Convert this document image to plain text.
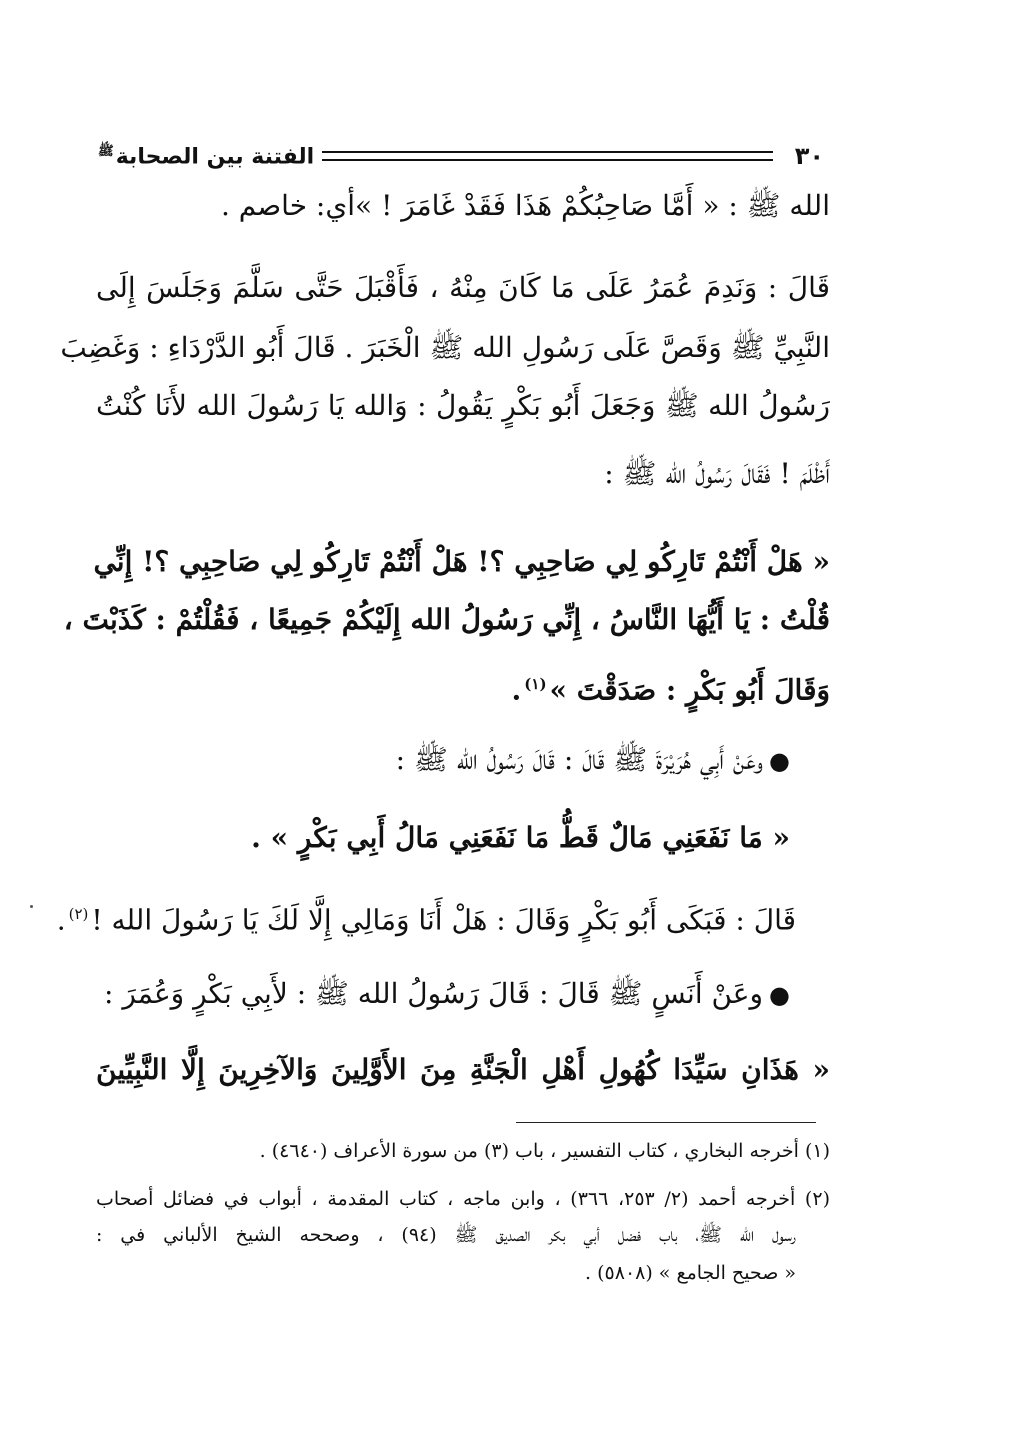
٣٠
الفتنة بين الصحابة$^ﷺ$
الله ﷺ : « أَمَّا صَاحِبُكُمْ هَذَا فَقَدْ غَامَرَ ! »أي: خاصم .
قَالَ : وَنَدِمَ عُمَرُ عَلَى مَا كَانَ مِنْهُ ، فَأَقْبَلَ حَتَّى سَلَّمَ وَجَلَسَ إِلَى
النَّبِيِّ ﷺ وَقَصَّ عَلَى رَسُولِ الله ﷺ الْخَبَرَ . قَالَ أَبُو الدَّرْدَاءِ : وَغَضِبَ
رَسُولُ الله ﷺ وَجَعَلَ أَبُو بَكْرٍ يَقُولُ : وَالله يَا رَسُولَ الله لأَنَا كُنْتُ
أَظْلَمَ ! فَقَالَ رَسُولُ الله ﷺ :
« هَلْ أَنْتُمْ تَارِكُو لِي صَاحِبِي ؟! هَلْ أَنْتُمْ تَارِكُو لِي صَاحِبِي ؟! إِنِّي
قُلْتُ : يَا أَيُّهَا النَّاسُ ، إِنِّي رَسُولُ الله إِلَيْكُمْ جَمِيعًا ، فَقُلْتُمْ : كَذَبْتَ ،
وَقَالَ أَبُو بَكْرٍ : صَدَقْتَ »$^{(١)}$.
●وعَنْ أَبِي هُرَيْرَةَ ﷺ قَالَ : قَالَ رَسُولُ الله ﷺ :
« مَا نَفَعَنِي مَالٌ قَطُّ مَا نَفَعَنِي مَالُ أَبِي بَكْرٍ » .
قَالَ : فَبَكَى أَبُو بَكْرٍ وَقَالَ : هَلْ أَنَا وَمَالِي إِلَّا لَكَ يَا رَسُولَ الله !$^{(٢)}$.
●وعَنْ أَنَسٍ ﷺ قَالَ : قَالَ رَسُولُ الله ﷺ : لأَبِي بَكْرٍ وَعُمَرَ :
« هَذَانِ سَيِّدَا كُهُولِ أَهْلِ الْجَنَّةِ مِنَ الأَوَّلِينَ وَالآخِرِينَ إِلَّا النَّبِيِّينَ
(١) أخرجه البخاري ، كتاب التفسير ، باب (٣) من سورة الأعراف (٤٦٤٠) .
(٢) أخرجه أحمد (٢/ ٢٥٣، ٣٦٦) ، وابن ماجه ، كتاب المقدمة ، أبواب في فضائل أصحاب
رسول الله ﷺ، باب فضل أبي بكر الصديق ﷺ (٩٤) ، وصححه الشيخ الألباني في :
« صحيح الجامع » (٥٨٠٨) .
